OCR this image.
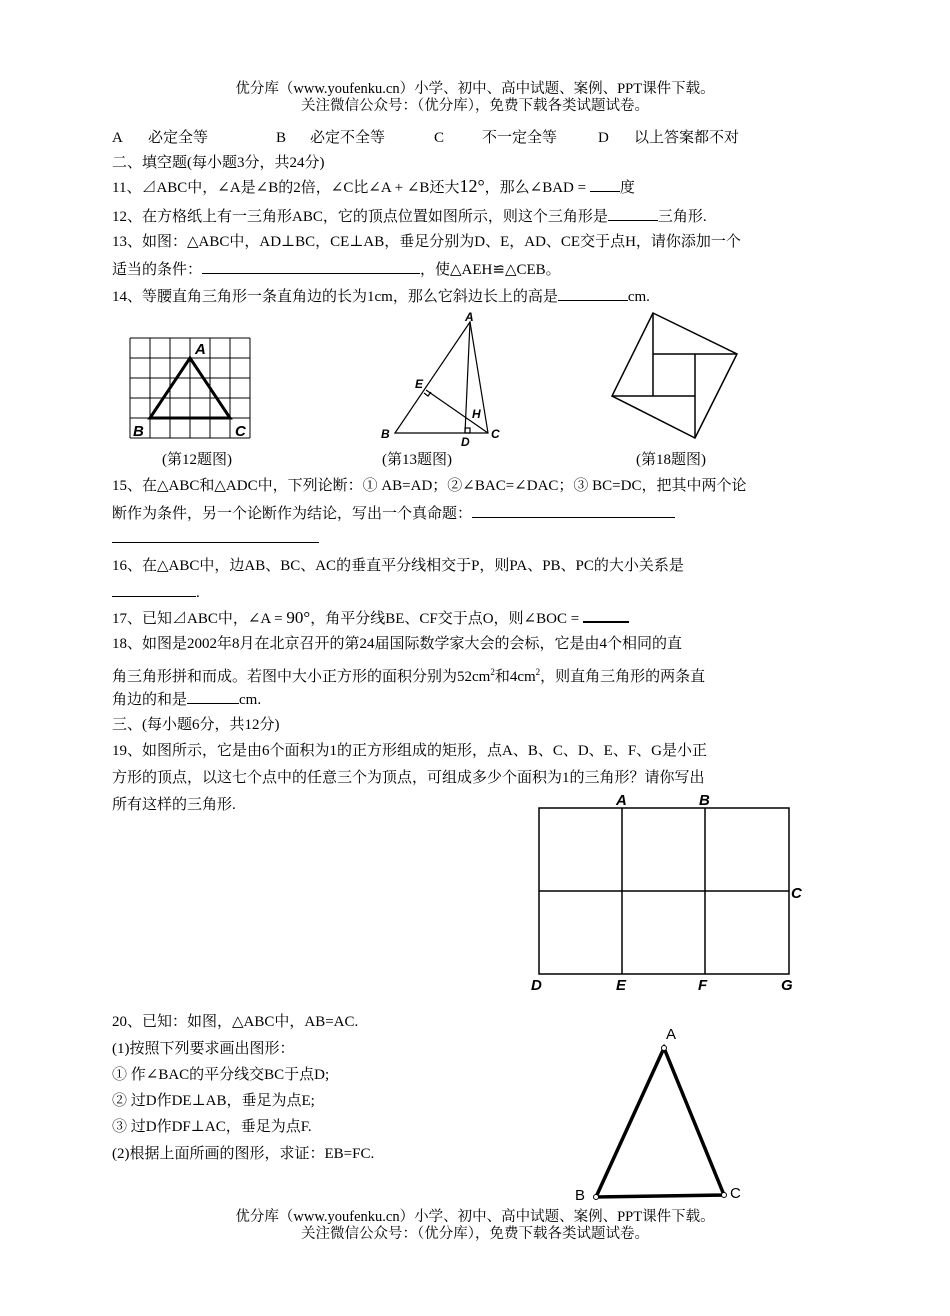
优分库（www.youfenku.cn）小学、初中、高中试题、案例、PPT课件下载。
关注微信公众号：（优分库），免费下载各类试题试卷。
A 必定全等	B 必定不全等	C	不一定全等	D 以上答案都不对
二、填空题(每小题3分，共24分)
11、⊿ABC中，∠A是∠B的2倍，∠C比∠A + ∠B还大12°，那么∠BAD = 度
12、在方格纸上有一三角形ABC，它的顶点位置如图所示，则这个三角形是	三角形.
13、如图：△ABC中，AD⊥BC，CE⊥AB，垂足分别为D、E，AD、CE交于点H，请你添加一个
适当的条件：	，使△AEH≌△CEB。
14、等腰直角三角形一条直角边的长为1cm，那么它斜边长上的高是	cm.
A
B	C
(第12题图)
A
B	C
D
E
H
(第13题图)	(第18题图)
15、在△ABC和△ADC中，下列论断：① AB=AD；②∠BAC=∠DAC；③ BC=DC，把其中两个论
断作为条件，另一个论断作为结论，写出一个真命题：
16、在△ABC中，边AB、BC、AC的垂直平分线相交于P，则PA、PB、PC的大小关系是
.
17、已知⊿ABC中，∠A = 90°，角平分线BE、CF交于点O，则∠BOC =
18、如图是2002年8月在北京召开的第24届国际数学家大会的会标，它是由4个相同的直
角三角形拼和而成。若图中大小正方形的面积分别为$52cm^2$和$4cm^2$，则直角三角形的两条直
角边的和是	cm.
三、(每小题6分，共12分)
19、如图所示，它是由6个面积为1的正方形组成的矩形，点A、B、C、D、E、F、G是小正
方形的顶点，以这七个点中的任意三个为顶点，可组成多少个面积为1的三角形？请你写出
所有这样的三角形.	A	B
C
D	E	F	G
20、已知：如图，△ABC中，AB=AC.
(1)按照下列要求画出图形：
① 作∠BAC的平分线交BC于点D;
② 过D作DE⊥AB，垂足为点E;
③ 过D作DF⊥AC，垂足为点F.
(2)根据上面所画的图形，求证：EB=FC.
A
B	C
优分库（www.youfenku.cn）小学、初中、高中试题、案例、PPT课件下载。
关注微信公众号：（优分库），免费下载各类试题试卷。
